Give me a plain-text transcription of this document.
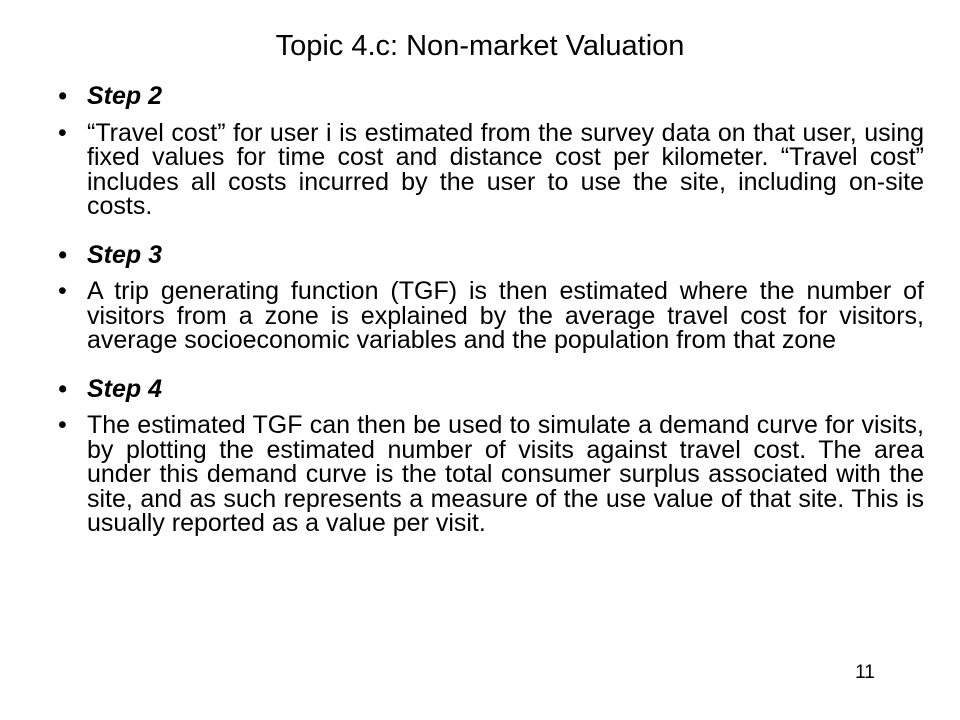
Topic 4.c: Non-market Valuation
• Step 2
• “Travel cost” for user i is estimated from the survey data on that user, using fixed values for time cost and distance cost per kilometer. “Travel cost” includes all costs incurred by the user to use the site, including on-site costs.
• Step 3
• A trip generating function (TGF) is then estimated where the number of visitors from a zone is explained by the average travel cost for visitors, average socioeconomic variables and the population from that zone
• Step 4
• The estimated TGF can then be used to simulate a demand curve for visits, by plotting the estimated number of visits against travel cost. The area under this demand curve is the total consumer surplus associated with the site, and as such represents a measure of the use value of that site. This is usually reported as a value per visit.
11
